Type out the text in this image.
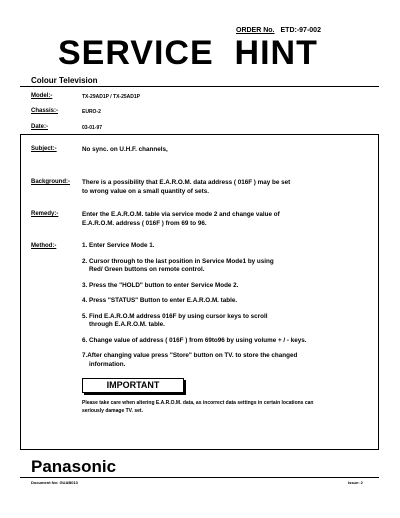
ORDER No. ETD:-97-002
SERVICE  HINT
Colour Television
Model:-	TX-29AD1P / TX-25AD1P
Chassis:-	EURO-2
Date:-	03-01-97
Subject:-	No sync. on U.H.F. channels,
Background:- There is a possibility that E.A.R.O.M. data address ( 016F ) may be set
to wrong value on a small quantity of sets.
Remedy:-	Enter the E.A.R.O.M. table via service mode 2 and change value of
E.A.R.O.M. address ( 016F ) from 69 to 96.
Method:-	1. Enter Service Mode 1.
2. Cursor through to the last position in Service Mode1 by using
Red/ Green buttons on remote control.
3. Press the "HOLD" button to enter Service Mode 2.
4. Press "STATUS" Button to enter E.A.R.O.M. table.
5. Find E.A.R.O.M address 016F by using cursor keys to scroll
through E.A.R.O.M. table.
6. Change value of address ( 016F ) from 69to96 by using volume + / - keys.
7.After changing value press "Store" button on TV. to store the changed
information.
IMPORTANT
Please take care when altering E.A.R.O.M. data, as incorrect data settings in certain locations can seriously damage TV. set.
Panasonic
Document No: GUAB013	Issue: 2
